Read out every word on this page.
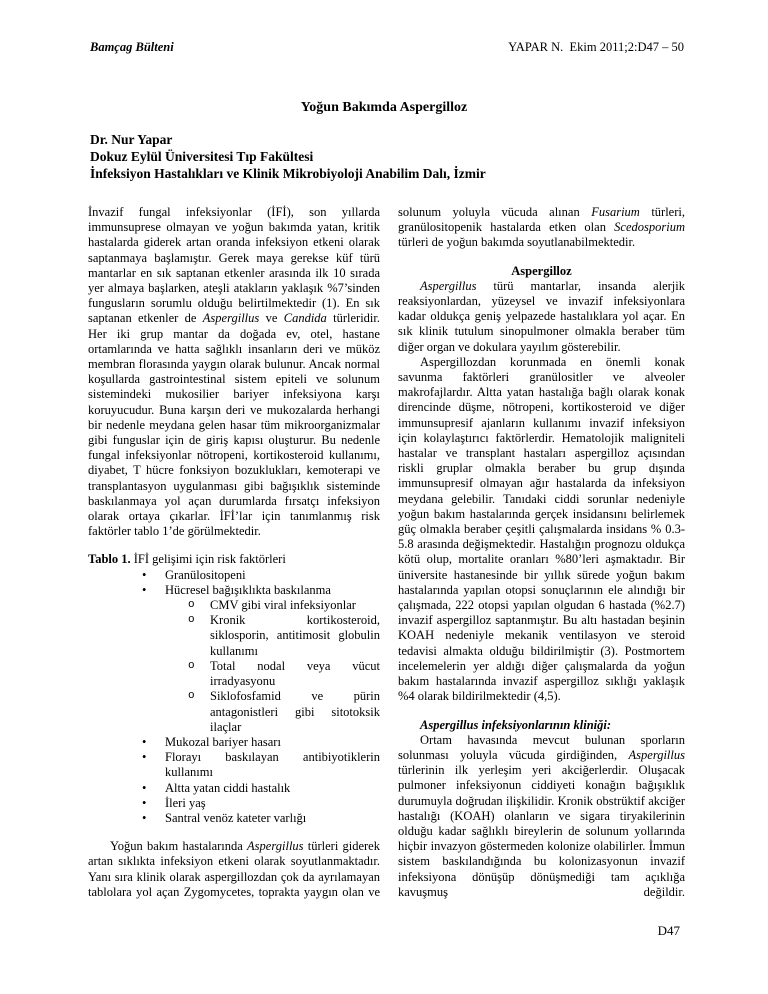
Bamçag Bülteni	YAPAR N.  Ekim 2011;2:D47 – 50
Yoğun Bakımda Aspergilloz
Dr. Nur Yapar
Dokuz Eylül Üniversitesi Tıp Fakültesi
İnfeksiyon Hastalıkları ve Klinik Mikrobiyoloji Anabilim Dalı, İzmir

İnvazif fungal infeksiyonlar (İFİ), son yıllarda immunsuprese olmayan ve yoğun bakımda yatan, kritik hastalarda giderek artan oranda infeksiyon etkeni olarak saptanmaya başlamıştır. Gerek maya gerekse küf türü mantarlar en sık saptanan etkenler arasında ilk 10 sırada yer almaya başlarken, ateşli atakların yaklaşık %7’sinden fungusların sorumlu olduğu belirtilmektedir (1). En sık saptanan etkenler de Aspergillus ve Candida türleridir. Her iki grup mantar da doğada ev, otel, hastane ortamlarında ve hatta sağlıklı insanların deri ve müköz membran florasında yaygın olarak bulunur. Ancak normal koşullarda gastrointestinal sistem epiteli ve solunum sistemindeki mukosilier bariyer infeksiyona karşı koruyucudur. Buna karşın deri ve mukozalarda herhangi bir nedenle meydana gelen hasar tüm mikroorganizmalar gibi funguslar için de giriş kapısı oluşturur. Bu nedenle fungal infeksiyonlar nötropeni, kortikosteroid kullanımı, diyabet, T hücre fonksiyon bozuklukları, kemoterapi ve transplantasyon uygulanması gibi bağışıklık sisteminde baskılanmaya yol açan durumlarda fırsatçı infeksiyon olarak ortaya çıkarlar. İFİ’lar için tanımlanmış risk faktörler tablo 1’de görülmektedir.

Tablo 1. İFİ gelişimi için risk faktörleri

•	Granülositopeni
•	Hücresel bağışıklıkta baskılanma
o	CMV gibi viral infeksiyonlar
o	Kronik kortikosteroid, siklosporin, antitimosit globulin kullanımı
o	Total nodal veya vücut irradyasyonu
o	Siklofosfamid ve pürin antagonistleri gibi sitotoksik ilaçlar
•	Mukozal bariyer hasarı
•	Florayı baskılayan antibiyotiklerin kullanımı
•	Altta yatan ciddi hastalık
•	İleri yaş
•	Santral venöz kateter varlığı

Yoğun bakım hastalarında Aspergillus türleri giderek artan sıklıkta infeksiyon etkeni olarak soyutlanmaktadır. Yanı sıra klinik olarak aspergillozdan çok da ayrılamayan tablolara yol açan Zygomycetes, toprakta yaygın olan ve

solunum yoluyla vücuda alınan Fusarium türleri, granülositopenik hastalarda etken olan Scedosporium türleri de yoğun bakımda soyutlanabilmektedir.

Aspergilloz

Aspergillus türü mantarlar, insanda alerjik reaksiyonlardan, yüzeysel ve invazif infeksiyonlara kadar oldukça geniş yelpazede hastalıklara yol açar. En sık klinik tutulum sinopulmoner olmakla beraber tüm diğer organ ve dokulara yayılım gösterebilir.

Aspergillozdan korunmada en önemli konak savunma faktörleri granülositler ve alveoler makrofajlardır. Altta yatan hastalığa bağlı olarak konak direncinde düşme, nötropeni, kortikosteroid ve diğer immunsupresif ajanların kullanımı invazif infeksiyon için kolaylaştırıcı faktörlerdir. Hematolojik maligniteli hastalar ve transplant hastaları aspergilloz açısından riskli gruplar olmakla beraber bu grup dışında immunsupresif olmayan ağır hastalarda da infeksiyon meydana gelebilir. Tanıdaki ciddi sorunlar nedeniyle yoğun bakım hastalarında gerçek insidansını belirlemek güç olmakla beraber çeşitli çalışmalarda insidans % 0.3-5.8 arasında değişmektedir. Hastalığın prognozu oldukça kötü olup, mortalite oranları %80’leri aşmaktadır. Bir üniversite hastanesinde bir yıllık sürede yoğun bakım hastalarında yapılan otopsi sonuçlarının ele alındığı bir çalışmada, 222 otopsi yapılan olgudan 6 hastada (%2.7) invazif aspergilloz saptanmıştır. Bu altı hastadan beşinin KOAH nedeniyle mekanik ventilasyon ve steroid tedavisi almakta olduğu bildirilmiştir (3). Postmortem incelemelerin yer aldığı diğer çalışmalarda da yoğun bakım hastalarında invazif aspergilloz sıklığı yaklaşık %4 olarak bildirilmektedir (4,5).

Aspergillus infeksiyonlarının kliniği:

Ortam havasında mevcut bulunan sporların solunması yoluyla vücuda girdiğinden, Aspergillus türlerinin ilk yerleşim yeri akciğerlerdir. Oluşacak pulmoner infeksiyonun ciddiyeti konağın bağışıklık durumuyla doğrudan ilişkilidir. Kronik obstrüktif akciğer hastalığı (KOAH) olanların ve sigara tiryakilerinin olduğu kadar sağlıklı bireylerin de solunum yollarında hiçbir invazyon göstermeden kolonize olabilirler. İmmun sistem baskılandığında bu kolonizasyonun invazif infeksiyona dönüşüp dönüşmediği tam açıklığa kavuşmuş değildir.

D47
